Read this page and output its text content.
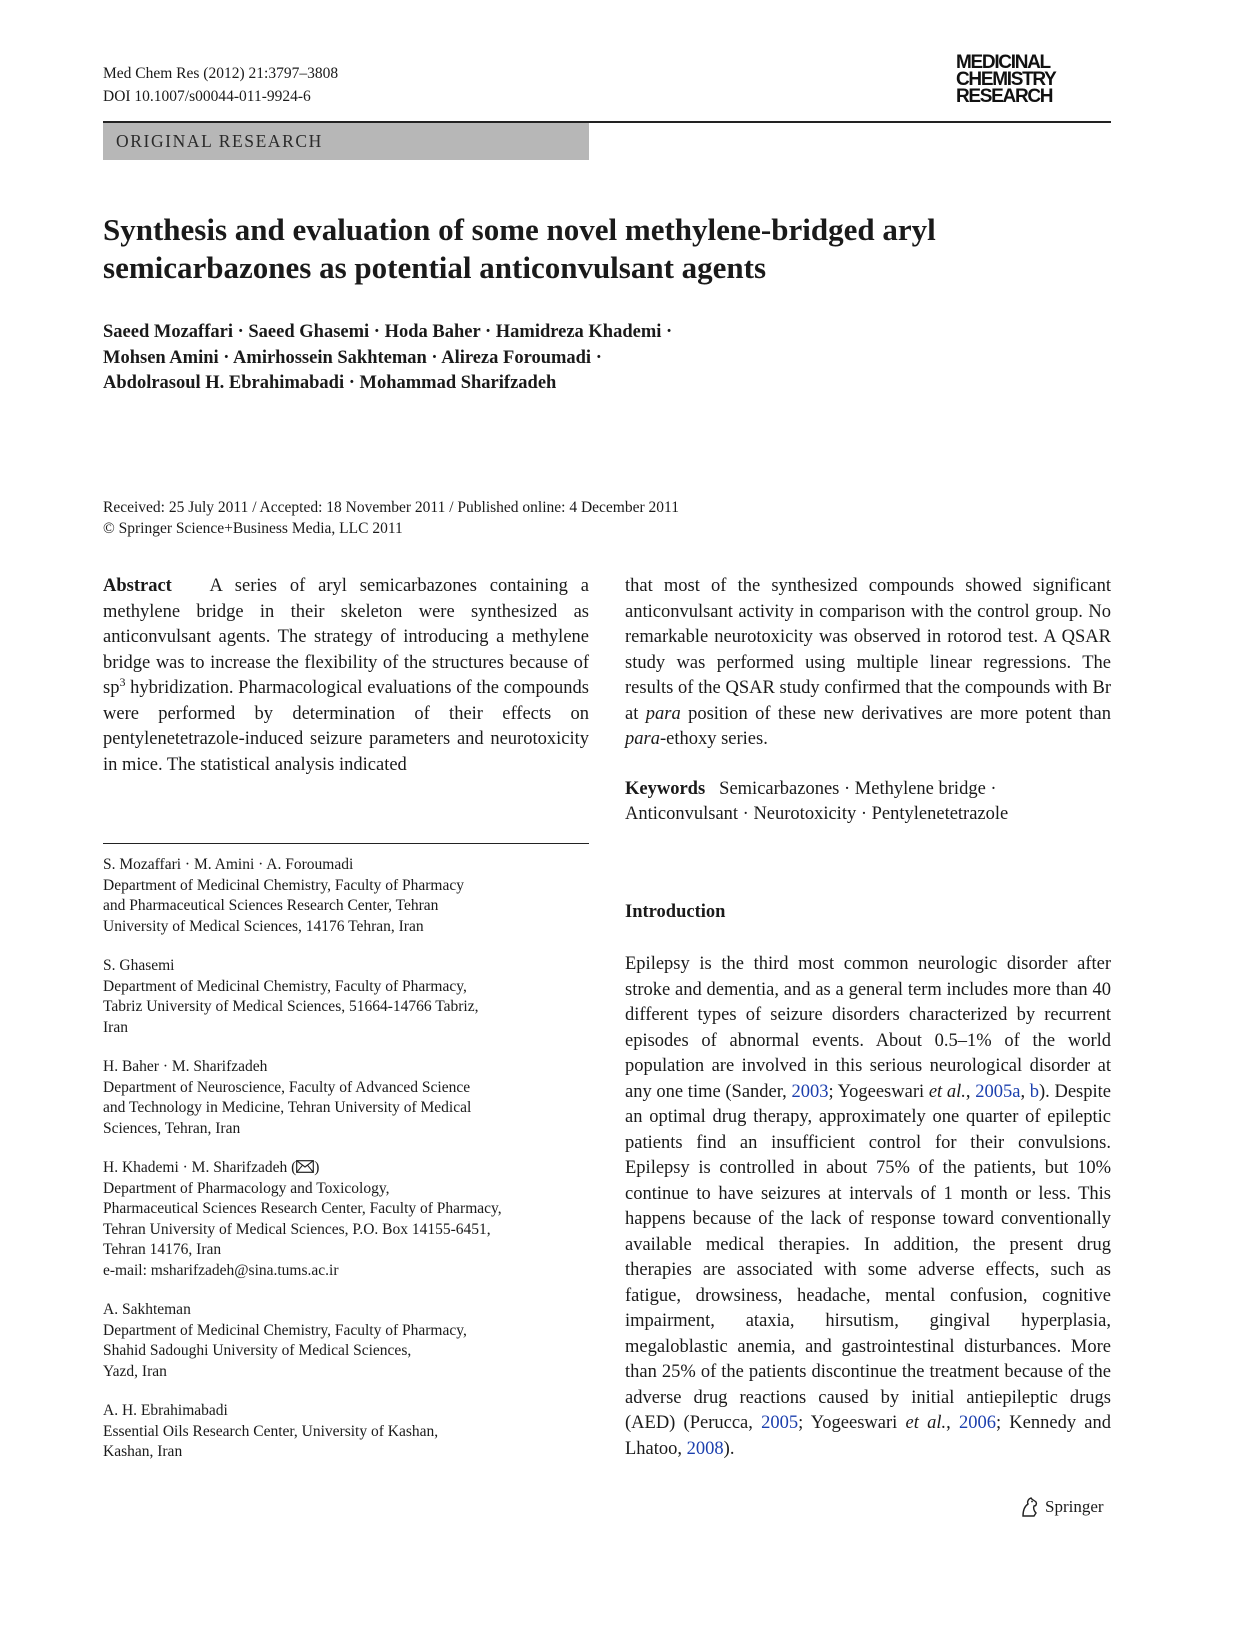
Med Chem Res (2012) 21:3797–3808
DOI 10.1007/s00044-011-9924-6
MEDICINAL
CHEMISTRY
RESEARCH
ORIGINAL RESEARCH
Synthesis and evaluation of some novel methylene-bridged aryl
semicarbazones as potential anticonvulsant agents
Saeed Mozaffari · Saeed Ghasemi · Hoda Baher · Hamidreza Khademi ·
Mohsen Amini · Amirhossein Sakhteman · Alireza Foroumadi ·
Abdolrasoul H. Ebrahimabadi · Mohammad Sharifzadeh
Received: 25 July 2011 / Accepted: 18 November 2011 / Published online: 4 December 2011
© Springer Science+Business Media, LLC 2011

Abstract A series of aryl semicarbazones containing a methylene bridge in their skeleton were synthesized as anticonvulsant agents. The strategy of introducing a methylene bridge was to increase the flexibility of the structures because of $sp^3$ hybridization. Pharmacological evaluations of the compounds were performed by determination of their effects on pentylenetetrazole-induced seizure parameters and neurotoxicity in mice. The statistical analysis indicated

that most of the synthesized compounds showed significant anticonvulsant activity in comparison with the control group. No remarkable neurotoxicity was observed in rotorod test. A QSAR study was performed using multiple linear regressions. The results of the QSAR study confirmed that the compounds with Br at para position of these new derivatives are more potent than para-ethoxy series.

Keywords Semicarbazones · Methylene bridge ·
Anticonvulsant · Neurotoxicity · Pentylenetetrazole
S. Mozaffari · M. Amini · A. Foroumadi
Department of Medicinal Chemistry, Faculty of Pharmacy
and Pharmaceutical Sciences Research Center, Tehran
University of Medical Sciences, 14176 Tehran, Iran
S. Ghasemi
Department of Medicinal Chemistry, Faculty of Pharmacy,
Tabriz University of Medical Sciences, 51664-14766 Tabriz,
Iran
H. Baher · M. Sharifzadeh
Department of Neuroscience, Faculty of Advanced Science
and Technology in Medicine, Tehran University of Medical
Sciences, Tehran, Iran
H. Khademi · M. Sharifzadeh ( )
Department of Pharmacology and Toxicology,
Pharmaceutical Sciences Research Center, Faculty of Pharmacy,
Tehran University of Medical Sciences, P.O. Box 14155-6451,
Tehran 14176, Iran
e-mail: msharifzadeh@sina.tums.ac.ir
A. Sakhteman
Department of Medicinal Chemistry, Faculty of Pharmacy,
Shahid Sadoughi University of Medical Sciences,
Yazd, Iran
A. H. Ebrahimabadi
Essential Oils Research Center, University of Kashan,
Kashan, Iran
Introduction

Epilepsy is the third most common neurologic disorder after stroke and dementia, and as a general term includes more than 40 different types of seizure disorders characterized by recurrent episodes of abnormal events. About 0.5–1% of the world population are involved in this serious neurological disorder at any one time (Sander, 2003; Yogeeswari et al., 2005a, b). Despite an optimal drug therapy, approximately one quarter of epileptic patients find an insufficient control for their convulsions. Epilepsy is controlled in about 75% of the patients, but 10% continue to have seizures at intervals of 1 month or less. This happens because of the lack of response toward conventionally available medical therapies. In addition, the present drug therapies are associated with some adverse effects, such as fatigue, drowsiness, headache, mental confusion, cognitive impairment, ataxia, hirsutism, gingival hyperplasia, megaloblastic anemia, and gastrointestinal disturbances. More than 25% of the patients discontinue the treatment because of the adverse drug reactions caused by initial antiepileptic drugs (AED) (Perucca, 2005; Yogeeswari et al., 2006; Kennedy and Lhatoo, 2008).

Springer
